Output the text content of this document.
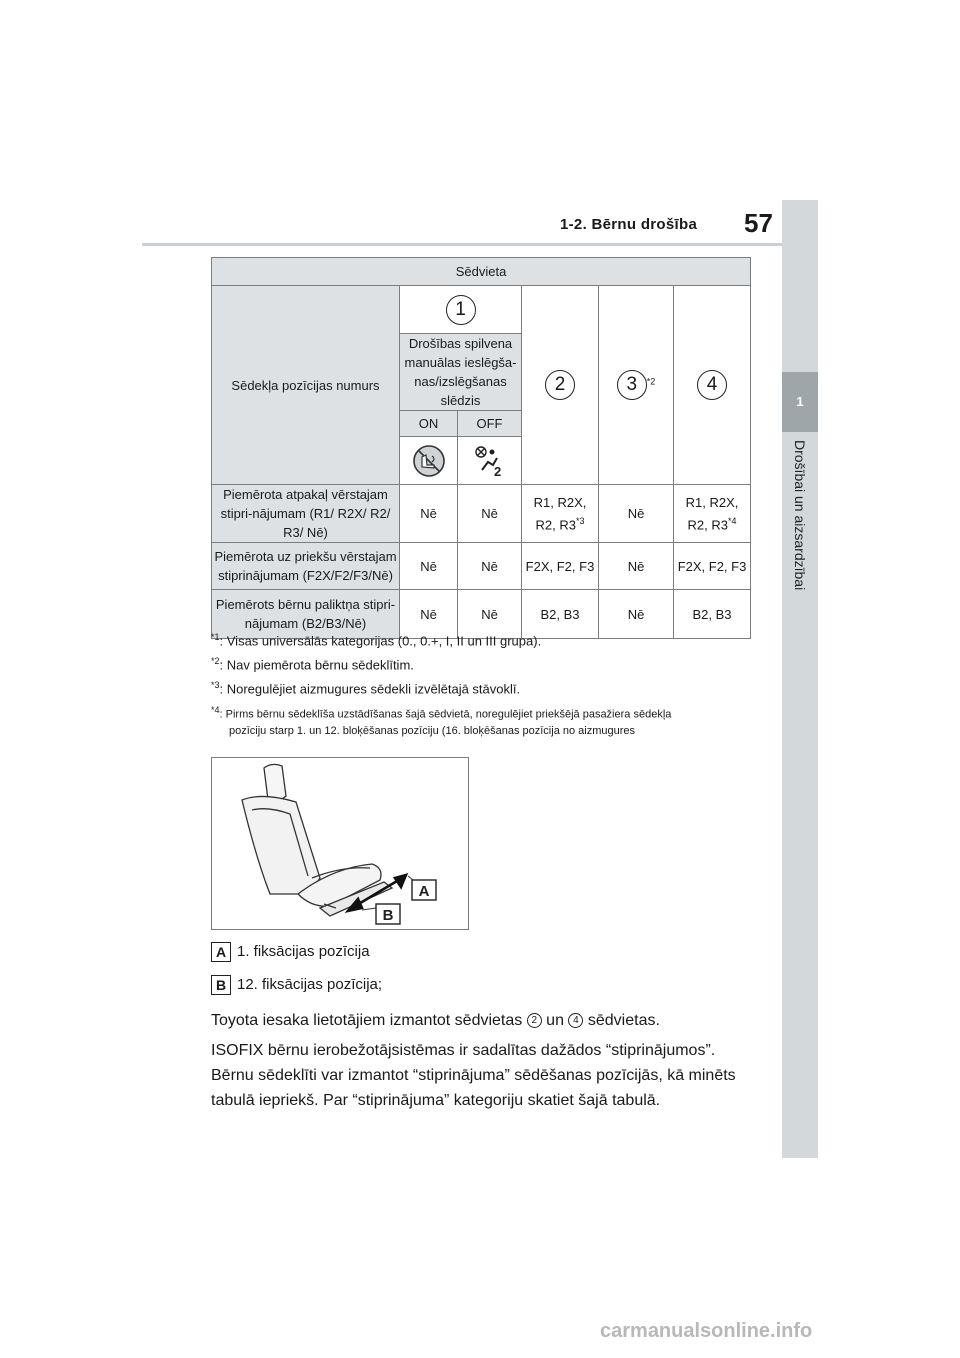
1-2. Bērnu drošība 57
1
Drošībai un aizsardzībai
Sēdvieta					
Sēdekļa pozīcijas numurs	1		2	3 $^{*2}$	4
	Drošības spilvena manuālas ieslēgša-nas/izslēgšanas slēdzis				
	ON	OFF			

2			

Piemērota atpakaļ vērstajam stipri-nājumam (R1/ R2X/ R2/ R3/ Nē)	Nē	Nē	R1, R2X, R2, R3$^{*3}$	Nē	R1, R2X, R2, R3$^{*4}$
Piemērota uz priekšu vērstajam stiprinājumam (F2X/F2/F3/Nē)	Nē	Nē	F2X, F2, F3	Nē	F2X, F2, F3
Piemērots bērnu paliktņa stipri-nājumam (B2/B3/Nē)	Nē	Nē	B2, B3	Nē	B2, B3
$^{*1}$: Visas universālās kategorijas (0., 0.+, I, II un III grupa).
$^{*2}$: Nav piemērota bērnu sēdeklītim.
$^{*3}$: Noregulējiet aizmugures sēdekli izvēlētajā stāvoklī.
$^{*4}$: Pirms bērnu sēdeklīša uzstādīšanas šajā sēdvietā, noregulējiet priekšējā pasažiera sēdekļa
pozīciju starp 1. un 12. bloķēšanas pozīciju (16. bloķēšanas pozīcija no aizmugures
A
B
A 1. fiksācijas pozīcija
B 12. fiksācijas pozīcija;
Toyota iesaka lietotājiem izmantot sēdvietas 2 un 4 sēdvietas.
ISOFIX bērnu ierobežotājsistēmas ir sadalītas dažādos “stiprinājumos”.
Bērnu sēdeklīti var izmantot “stiprinājuma” sēdēšanas pozīcijās, kā minēts
tabulā iepriekš. Par “stiprinājuma” kategoriju skatiet šajā tabulā.
carmanualsonline.info
